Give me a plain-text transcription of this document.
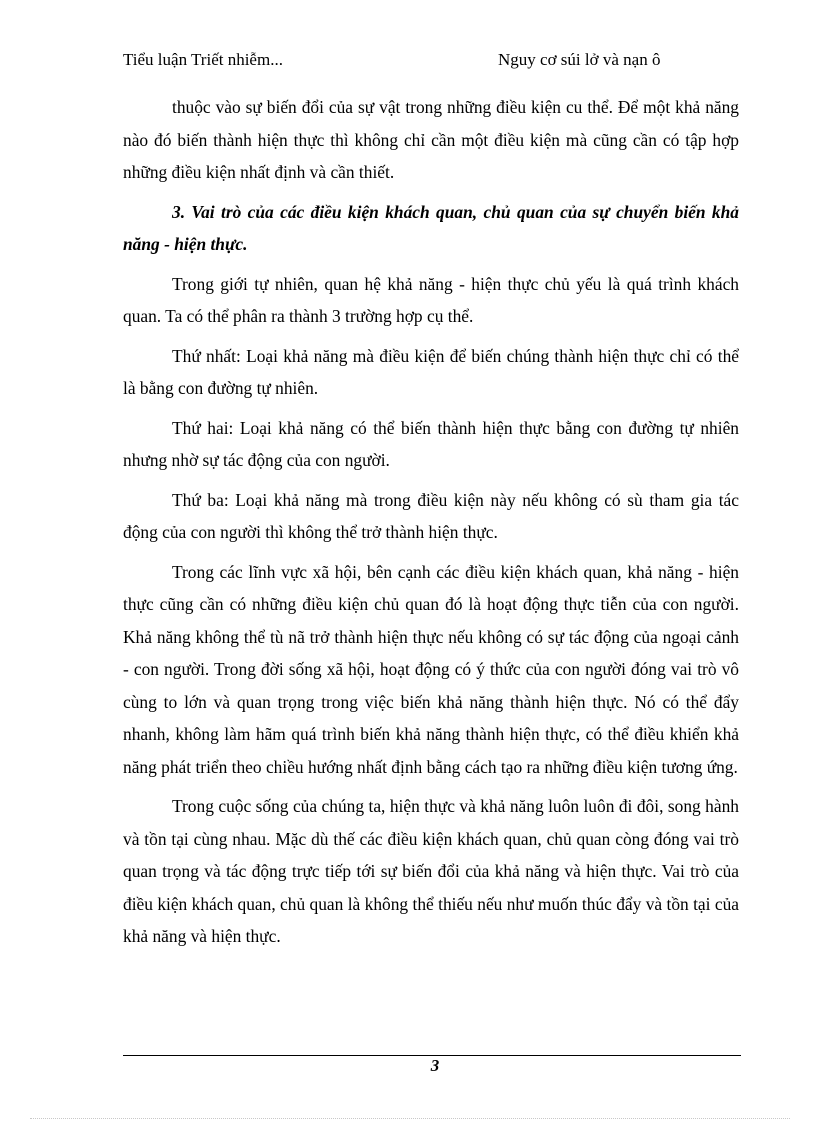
Tiểu luận Triết nhiễm...	Nguy cơ súi lở và nạn ô

thuộc vào sự biến đổi của sự vật trong những điều kiện cu thể. Để một khả năng nào đó biến thành hiện thực thì không chỉ cần một điều kiện mà cũng cần có tập hợp những điều kiện nhất định và cần thiết.

3. Vai trò của các điều kiện khách quan, chủ quan của sự chuyển biến khả năng - hiện thực.

Trong giới tự nhiên, quan hệ khả năng - hiện thực chủ yếu là quá trình khách quan. Ta có thể phân ra thành 3 trường hợp cụ thể.

Thứ nhất: Loại khả năng mà điều kiện để biến chúng thành hiện thực chỉ có thể là bằng con đường tự nhiên.

Thứ hai: Loại khả năng có thể biến thành hiện thực bằng con đường tự nhiên nhưng nhờ sự tác động của con người.

Thứ ba: Loại khả năng mà trong điều kiện này nếu không có sù tham gia tác động của con người thì không thể trở thành hiện thực.

Trong các lĩnh vực xã hội, bên cạnh các điều kiện khách quan, khả năng - hiện thực cũng cần có những điều kiện chủ quan đó là hoạt động thực tiễn của con người. Khả năng không thể tù nã trở thành hiện thực nếu không có sự tác động của ngoại cảnh - con người. Trong đời sống xã hội, hoạt động có ý thức của con người đóng vai trò vô cùng to lớn và quan trọng trong việc biến khả năng thành hiện thực. Nó có thể đẩy nhanh, không làm hãm quá trình biến khả năng thành hiện thực, có thể điều khiển khả năng phát triển theo chiều hướng nhất định bằng cách tạo ra những điều kiện tương ứng.

Trong cuộc sống của chúng ta, hiện thực và khả năng luôn luôn đi đôi, song hành và tồn tại cùng nhau. Mặc dù thế các điều kiện khách quan, chủ quan còng đóng vai trò quan trọng và tác động trực tiếp tới sự biến đổi của khả năng và hiện thực. Vai trò của điều kiện khách quan, chủ quan là không thể thiếu nếu như muốn thúc đẩy và tồn tại của khả năng và hiện thực.

3
